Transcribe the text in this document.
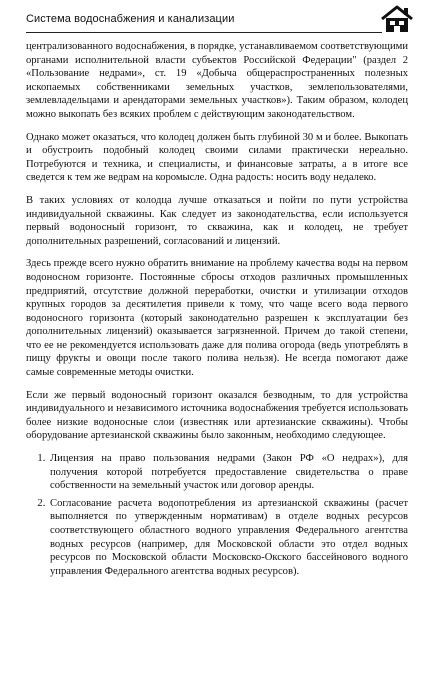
Система водоснабжения и канализации

централизованного водоснабжения, в порядке, устанавливаемом соответствующими органами исполнительной власти субъектов Российской Федерации" (раздел 2 «Пользование недрами», ст. 19 «Добыча общераспространенных полезных ископаемых собственниками земельных участков, землепользователями, землевладельцами и арендаторами земельных участков»). Таким образом, колодец можно выкопать без всяких проблем с действующим законодательством.

Однако может оказаться, что колодец должен быть глубиной 30 м и более. Выкопать и обустроить подобный колодец своими силами практически нереально. Потребуются и техника, и специалисты, и финансовые затраты, а в итоге все сведется к тем же ведрам на коромысле. Одна радость: носить воду недалеко.

В таких условиях от колодца лучше отказаться и пойти по пути устройства индивидуальной скважины. Как следует из законодательства, если используется первый водоносный горизонт, то скважина, как и колодец, не требует дополнительных разрешений, согласований и лицензий.

Здесь прежде всего нужно обратить внимание на проблему качества воды на первом водоносном горизонте. Постоянные сбросы отходов различных промышленных предприятий, отсутствие должной переработки, очистки и утилизации отходов крупных городов за десятилетия привели к тому, что чаще всего вода первого водоносного горизонта (который законодательно разрешен к эксплуатации без дополнительных лицензий) оказывается загрязненной. Причем до такой степени, что ее не рекомендуется использовать даже для полива огорода (ведь употреблять в пищу фрукты и овощи после такого полива нельзя). Не всегда помогают даже самые современные методы очистки.

Если же первый водоносный горизонт оказался безводным, то для устройства индивидуального и независимого источника водоснабжения требуется использовать более низкие водоносные слои (известняк или артезианские скважины). Чтобы оборудование артезианской скважины было законным, необходимо следующее.

1. Лицензия на право пользования недрами (Закон РФ «О недрах»), для получения которой потребуется предоставление свидетельства о праве собственности на земельный участок или договор аренды.
2. Согласование расчета водопотребления из артезианской скважины (расчет выполняется по утвержденным нормативам) в отделе водных ресурсов соответствующего областного водного управления Федерального агентства водных ресурсов (например, для Московской области это отдел водных ресурсов по Московской области Московско-Окского бассейнового водного управления Федерального агентства водных ресурсов).
